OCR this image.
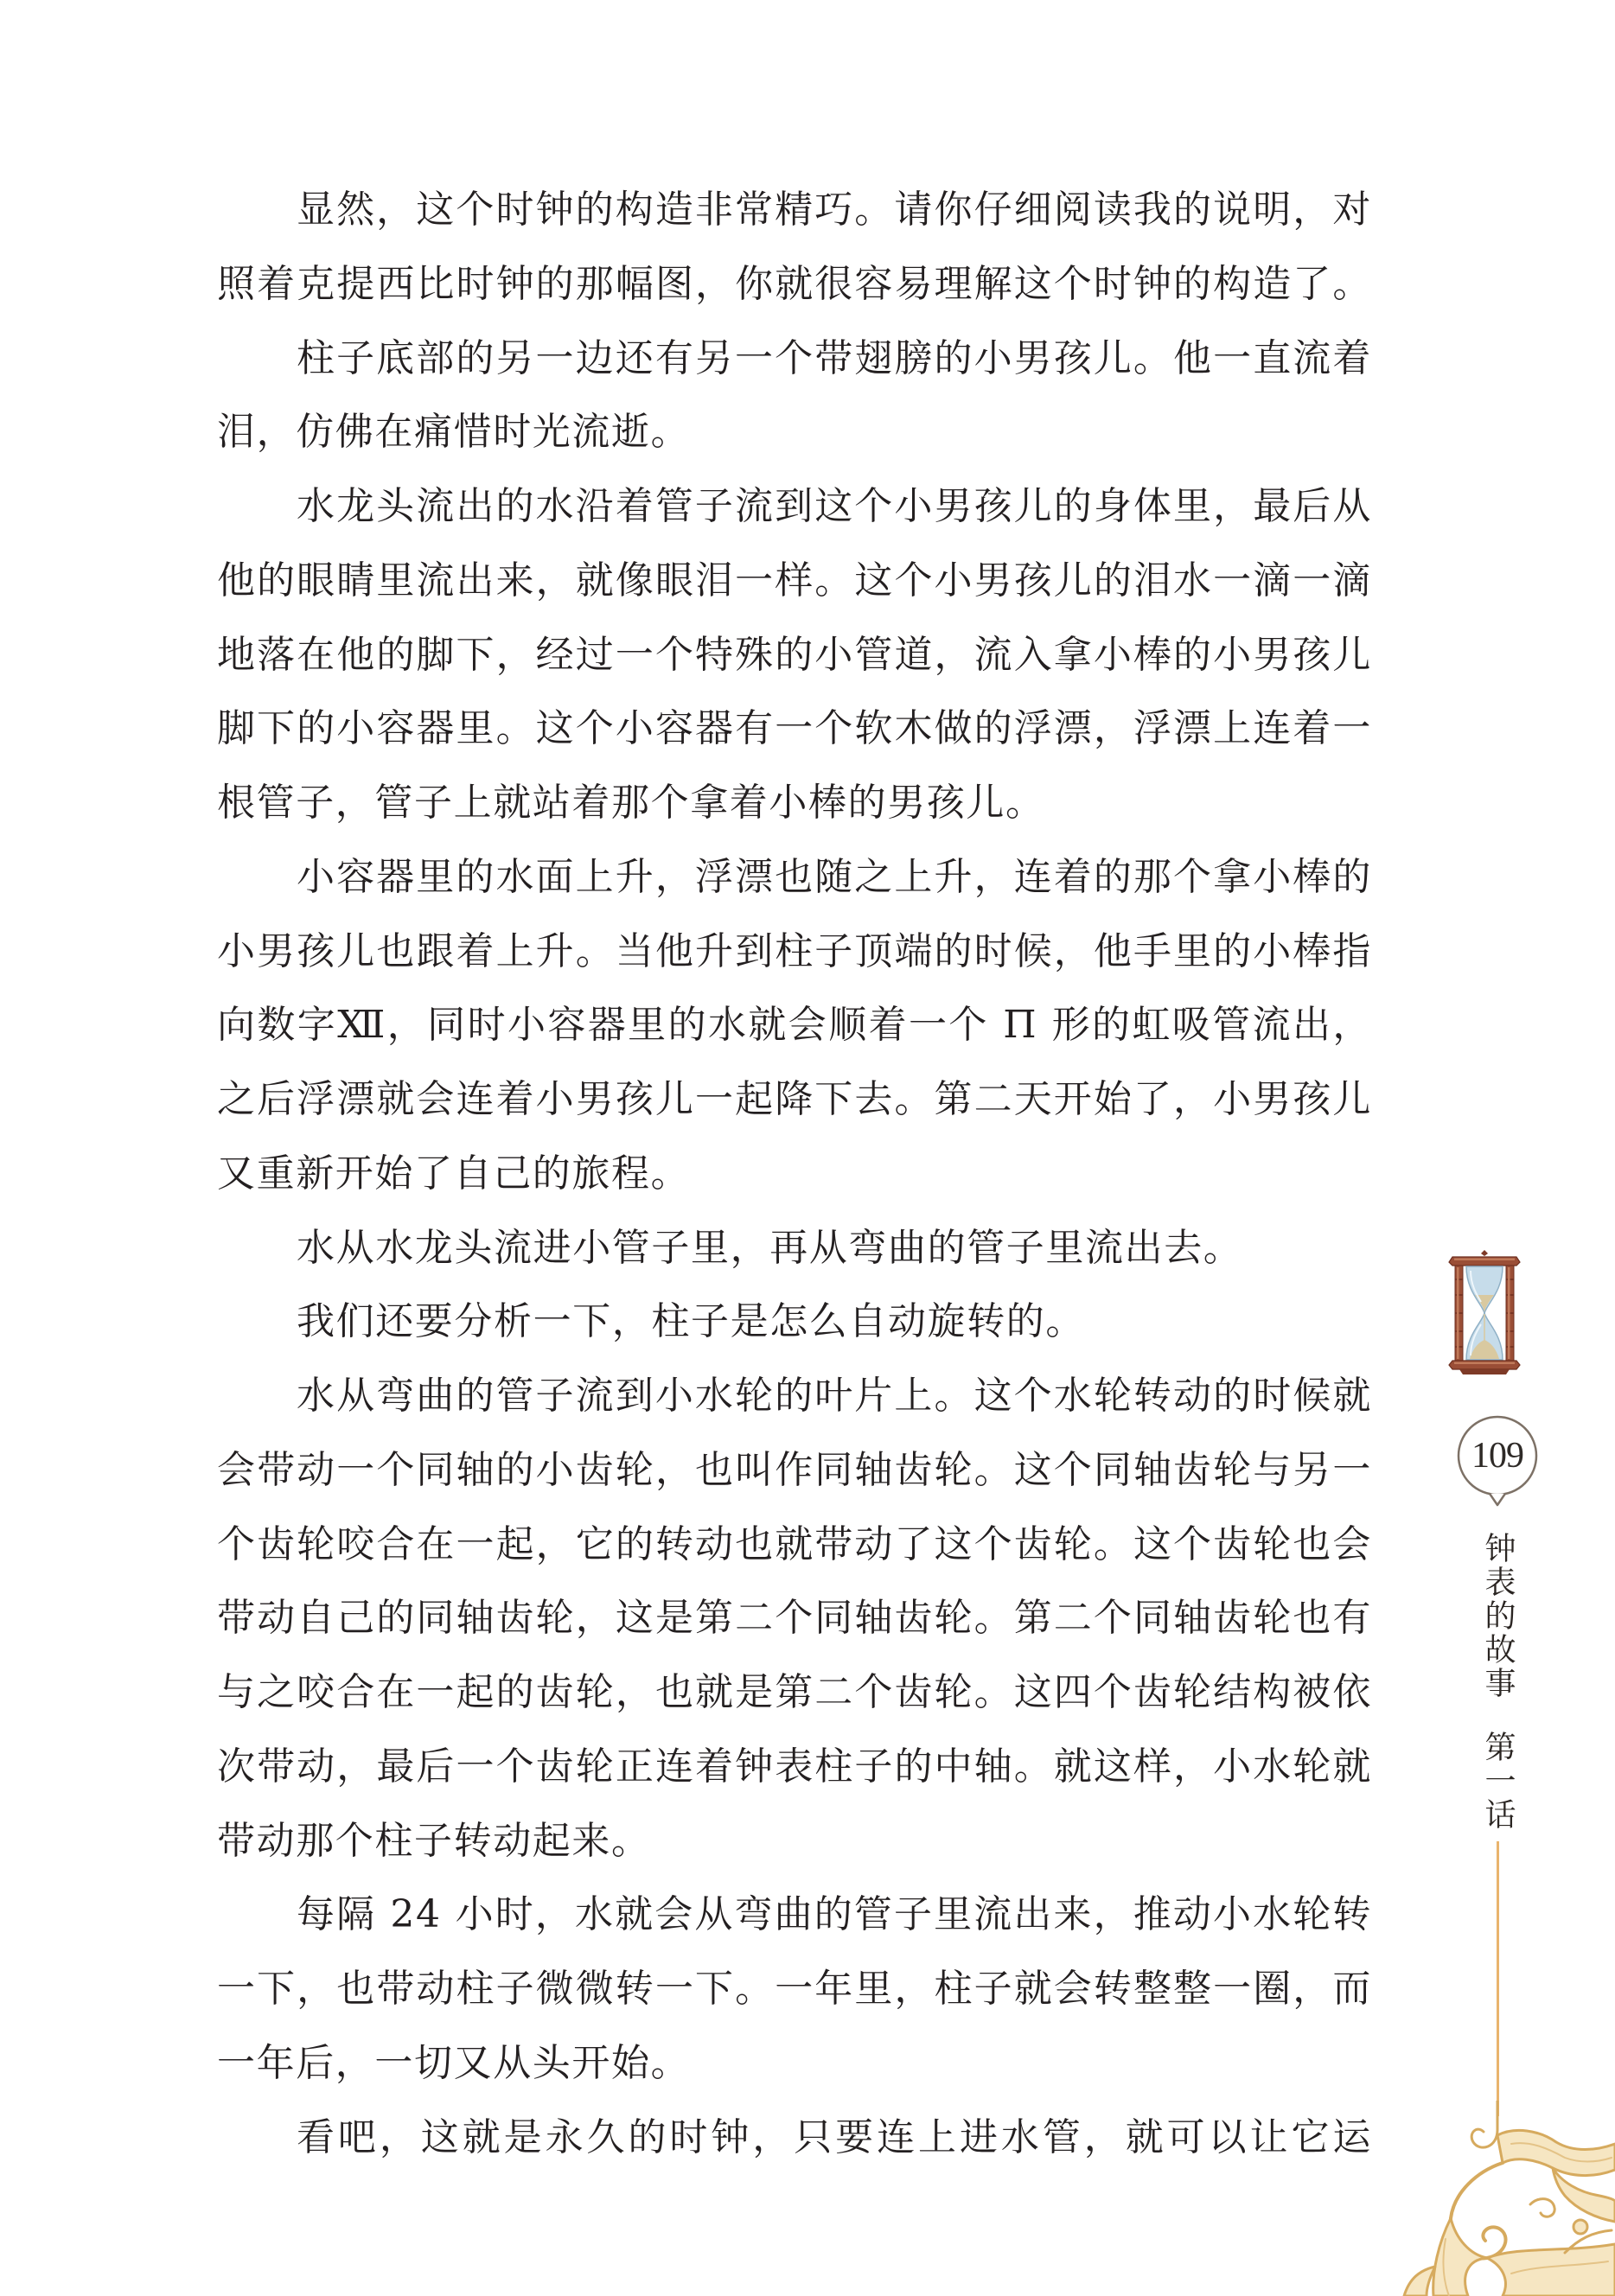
显然，这个时钟的构造非常精巧。请你仔细阅读我的说明，对
照着克提西比时钟的那幅图，你就很容易理解这个时钟的构造了。
柱子底部的另一边还有另一个带翅膀的小男孩儿。他一直流着
泪，仿佛在痛惜时光流逝。
水龙头流出的水沿着管子流到这个小男孩儿的身体里，最后从
他的眼睛里流出来，就像眼泪一样。这个小男孩儿的泪水一滴一滴
地落在他的脚下，经过一个特殊的小管道，流入拿小棒的小男孩儿
脚下的小容器里。这个小容器有一个软木做的浮漂，浮漂上连着一
根管子，管子上就站着那个拿着小棒的男孩儿。
小容器里的水面上升，浮漂也随之上升，连着的那个拿小棒的
小男孩儿也跟着上升。当他升到柱子顶端的时候，他手里的小棒指
向数字Ⅻ，同时小容器里的水就会顺着一个 Π 形的虹吸管流出，
之后浮漂就会连着小男孩儿一起降下去。第二天开始了，小男孩儿
又重新开始了自己的旅程。
水从水龙头流进小管子里，再从弯曲的管子里流出去。
我们还要分析一下，柱子是怎么自动旋转的。
水从弯曲的管子流到小水轮的叶片上。这个水轮转动的时候就
会带动一个同轴的小齿轮，也叫作同轴齿轮。这个同轴齿轮与另一
个齿轮咬合在一起，它的转动也就带动了这个齿轮。这个齿轮也会
带动自己的同轴齿轮，这是第二个同轴齿轮。第二个同轴齿轮也有
与之咬合在一起的齿轮，也就是第二个齿轮。这四个齿轮结构被依
次带动，最后一个齿轮正连着钟表柱子的中轴。就这样，小水轮就
带动那个柱子转动起来。
每隔 24 小时，水就会从弯曲的管子里流出来，推动小水轮转
一下，也带动柱子微微转一下。一年里，柱子就会转整整一圈，而
一年后，一切又从头开始。
看吧，这就是永久的时钟，只要连上进水管，就可以让它运
109
钟表的故事
第一话
